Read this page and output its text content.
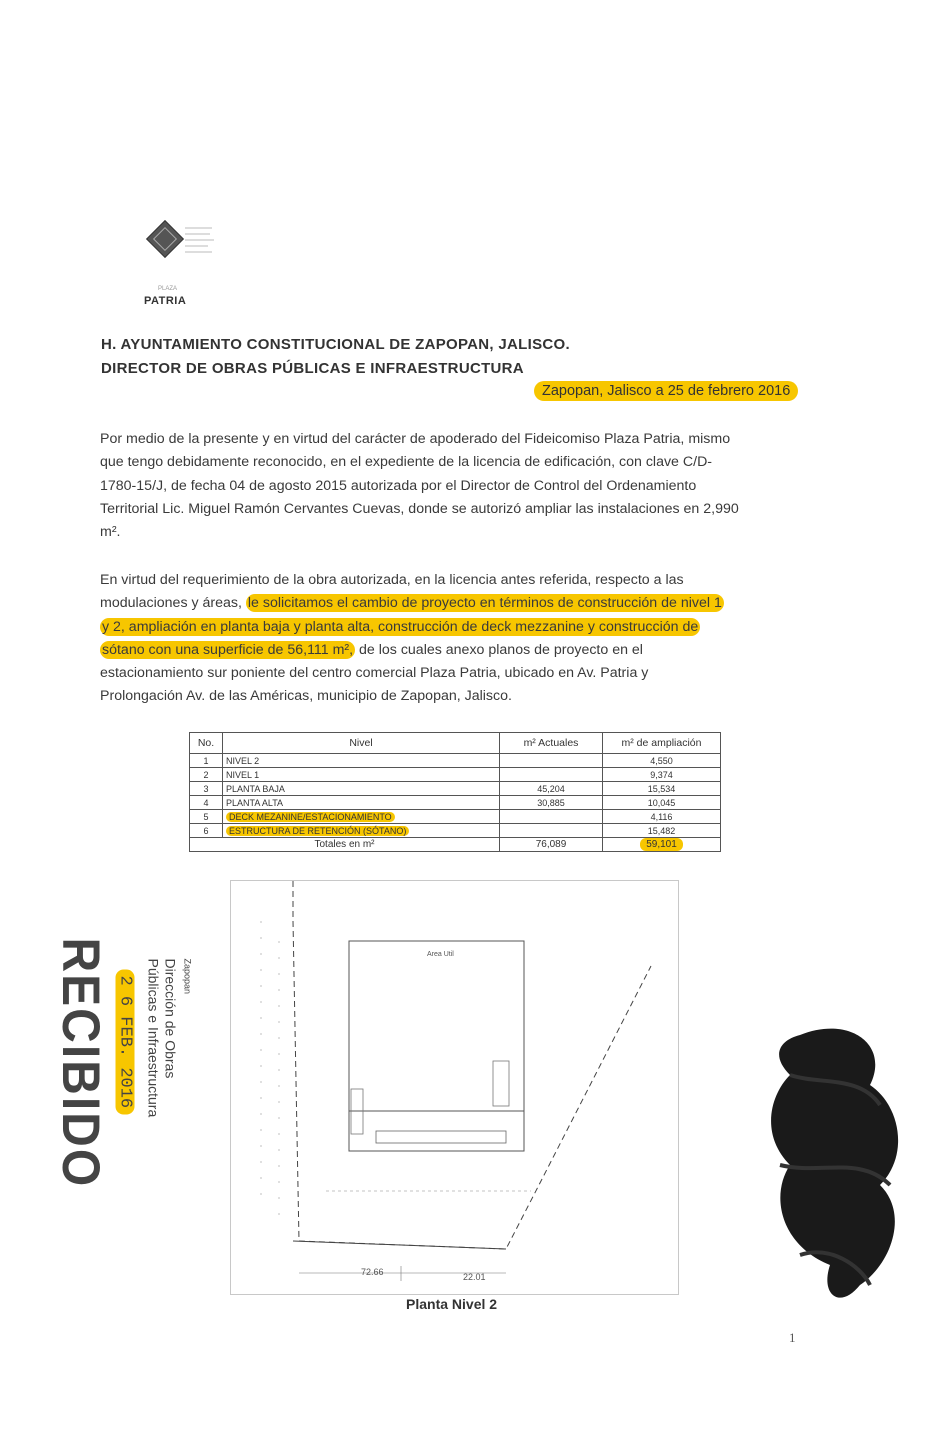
PLAZA
PATRIA
H. AYUNTAMIENTO CONSTITUCIONAL DE ZAPOPAN, JALISCO.
DIRECTOR DE OBRAS PÚBLICAS E INFRAESTRUCTURA
Zapopan, Jalisco a 25 de febrero 2016
Por medio de la presente y en virtud del carácter de apoderado del Fideicomiso Plaza Patria, mismo
que tengo debidamente reconocido, en el expediente de la licencia de edificación, con clave C/D-
1780-15/J, de fecha 04 de agosto 2015 autorizada por el Director de Control del Ordenamiento
Territorial Lic. Miguel Ramón Cervantes Cuevas, donde se autorizó ampliar las instalaciones en 2,990
m².
En virtud del requerimiento de la obra autorizada, en la licencia antes referida, respecto a las
modulaciones y áreas, le solicitamos el cambio de proyecto en términos de construcción de nivel 1
y 2, ampliación en planta baja y planta alta, construcción de deck mezzanine y construcción de
sótano con una superficie de 56,111 m², de los cuales anexo planos de proyecto en el
estacionamiento sur poniente del centro comercial Plaza Patria, ubicado en Av. Patria y
Prolongación Av. de las Américas, municipio de Zapopan, Jalisco.
No.	Nivel	m² Actuales	m² de ampliación
1	NIVEL 2		4,550
2	NIVEL 1		9,374
3	PLANTA BAJA	45,204	15,534
4	PLANTA ALTA	30,885	10,045
5	DECK MEZANINE/ESTACIONAMIENTO		4,116
6	ESTRUCTURA DE RETENCIÓN (SÓTANO)		15,482
Totales en m²		76,089	59,101
Area Util
72.66	22.01
Planta Nivel 2
RECIBIDO 2 6 FEB. 2016	Zapopan
Dirección de Obras
Públicas e Infraestructura
1
